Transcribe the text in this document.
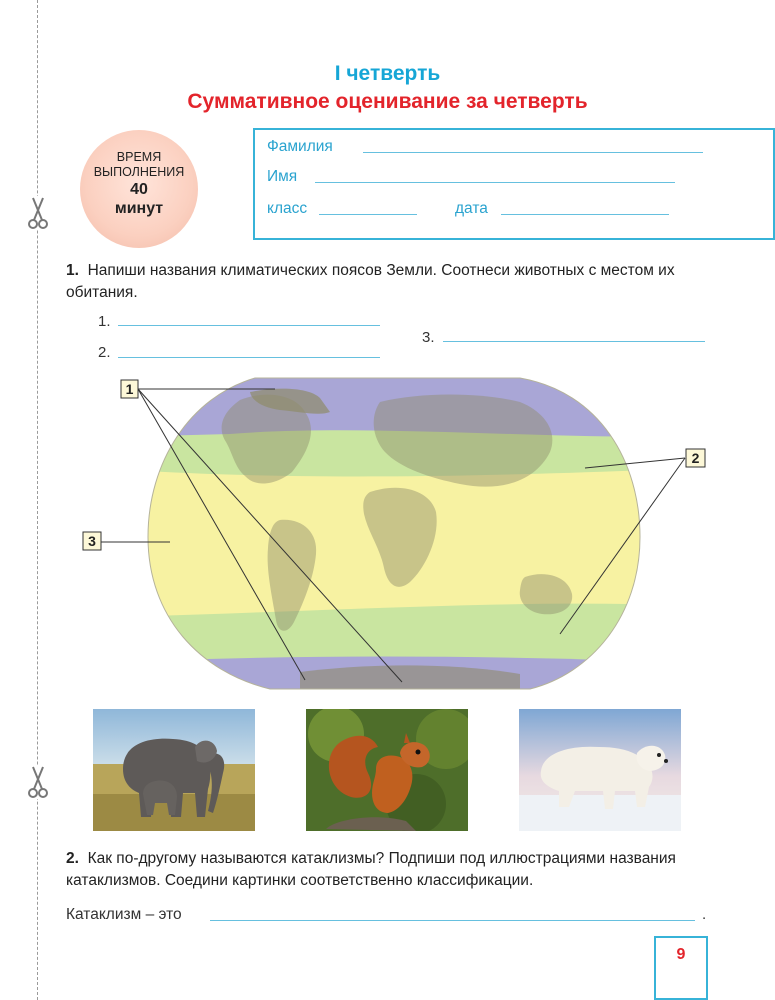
I четверть
Суммативное оценивание за четверть
ВРЕМЯ
ВЫПОЛНЕНИЯ
40
минут
Фамилия
Имя
класс	дата
1. Напиши названия климатических поясов Земли. Соотнеси животных с местом их обитания.
1.
2.
3.
1
2
3
2. Как по-другому называются катаклизмы? Подпиши под иллюстрациями названия катаклизмов. Соедини картинки соответственно классификации.
Катаклизм – это	.
9
